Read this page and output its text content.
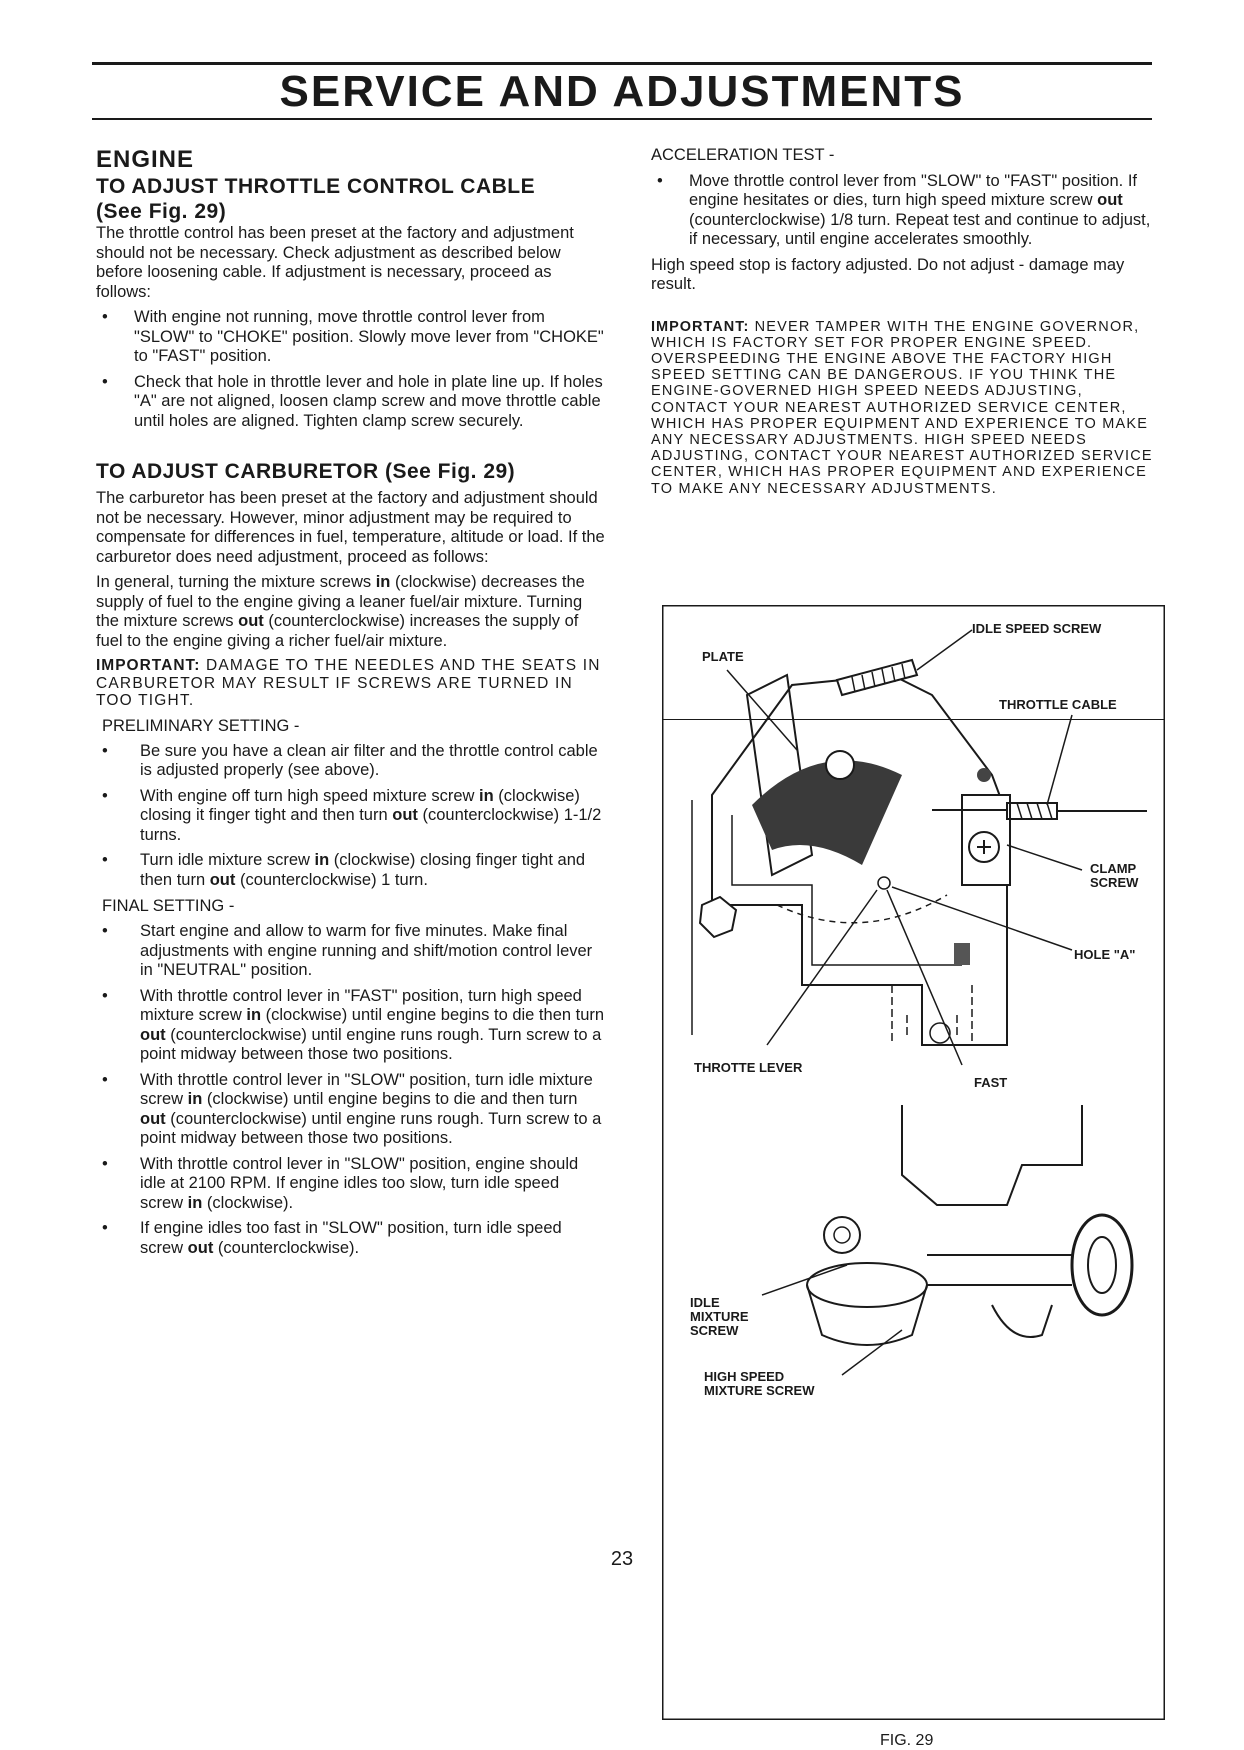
SERVICE AND ADJUSTMENTS
ENGINE
TO ADJUST THROTTLE CONTROL CABLE
(See Fig. 29)

The throttle control has been preset at the factory and adjustment should not be necessary. Check adjustment as described below before loosening cable. If adjustment is necessary, proceed as follows:

• With engine not running, move throttle control lever from "SLOW" to "CHOKE" position. Slowly move lever from "CHOKE" to "FAST" position.
• Check that hole in throttle lever and hole in plate line up. If holes "A" are not aligned, loosen clamp screw and move throttle cable until holes are aligned. Tighten clamp screw securely.
TO ADJUST CARBURETOR (See Fig. 29)

The carburetor has been preset at the factory and adjustment should not be necessary. However, minor adjustment may be required to compensate for differences in fuel, temperature, altitude or load. If the carburetor does need adjustment, proceed as follows:

In general, turning the mixture screws in (clockwise) decreases the supply of fuel to the engine giving a leaner fuel/air mixture. Turning the mixture screws out (counterclockwise) increases the supply of fuel to the engine giving a richer fuel/air mixture.

IMPORTANT: DAMAGE TO THE NEEDLES AND THE SEATS IN CARBURETOR MAY RESULT IF SCREWS ARE TURNED IN TOO TIGHT.

PRELIMINARY SETTING -
• Be sure you have a clean air filter and the throttle control cable is adjusted properly (see above).
• With engine off turn high speed mixture screw in (clockwise) closing it finger tight and then turn out (counterclockwise) 1-1/2 turns.
• Turn idle mixture screw in (clockwise) closing finger tight and then turn out (counterclockwise) 1 turn.
FINAL SETTING -
• Start engine and allow to warm for five minutes. Make final adjustments with engine running and shift/motion control lever in "NEUTRAL" position.
• With throttle control lever in "FAST" position, turn high speed mixture screw in (clockwise) until engine begins to die then turn out (counterclockwise) until engine runs rough. Turn screw to a point midway between those two positions.
• With throttle control lever in "SLOW" position, turn idle mixture screw in (clockwise) until engine begins to die and then turn out (counterclockwise) until engine runs rough. Turn screw to a point midway between those two positions.
• With throttle control lever in "SLOW" position, engine should idle at 2100 RPM. If engine idles too slow, turn idle speed screw in (clockwise).
• If engine idles too fast in "SLOW" position, turn idle speed screw out (counterclockwise).

ACCELERATION TEST -

• Move throttle control lever from "SLOW" to "FAST" position. If engine hesitates or dies, turn high speed mixture screw out (counterclockwise) 1/8 turn. Repeat test and continue to adjust, if necessary, until engine accelerates smoothly.

High speed stop is factory adjusted. Do not adjust - damage may result.

IMPORTANT: NEVER TAMPER WITH THE ENGINE GOVERNOR, WHICH IS FACTORY SET FOR PROPER ENGINE SPEED. OVERSPEEDING THE ENGINE ABOVE THE FACTORY HIGH SPEED SETTING CAN BE DANGEROUS. IF YOU THINK THE ENGINE-GOVERNED HIGH SPEED NEEDS ADJUSTING, CONTACT YOUR NEAREST AUTHORIZED SERVICE CENTER, WHICH HAS PROPER EQUIPMENT AND EXPERIENCE TO MAKE ANY NECESSARY ADJUSTMENTS. HIGH SPEED NEEDS ADJUSTING, CONTACT YOUR NEAREST AUTHORIZED SERVICE CENTER, WHICH HAS PROPER EQUIPMENT AND EXPERIENCE TO MAKE ANY NECESSARY ADJUSTMENTS.

IDLE SPEED SCREW
PLATE
THROTTLE CABLE
CLAMP
SCREW
HOLE "A"
THROTTE LEVER
FAST
IDLE
MIXTURE
SCREW
HIGH SPEED
MIXTURE SCREW
FIG. 29
23
